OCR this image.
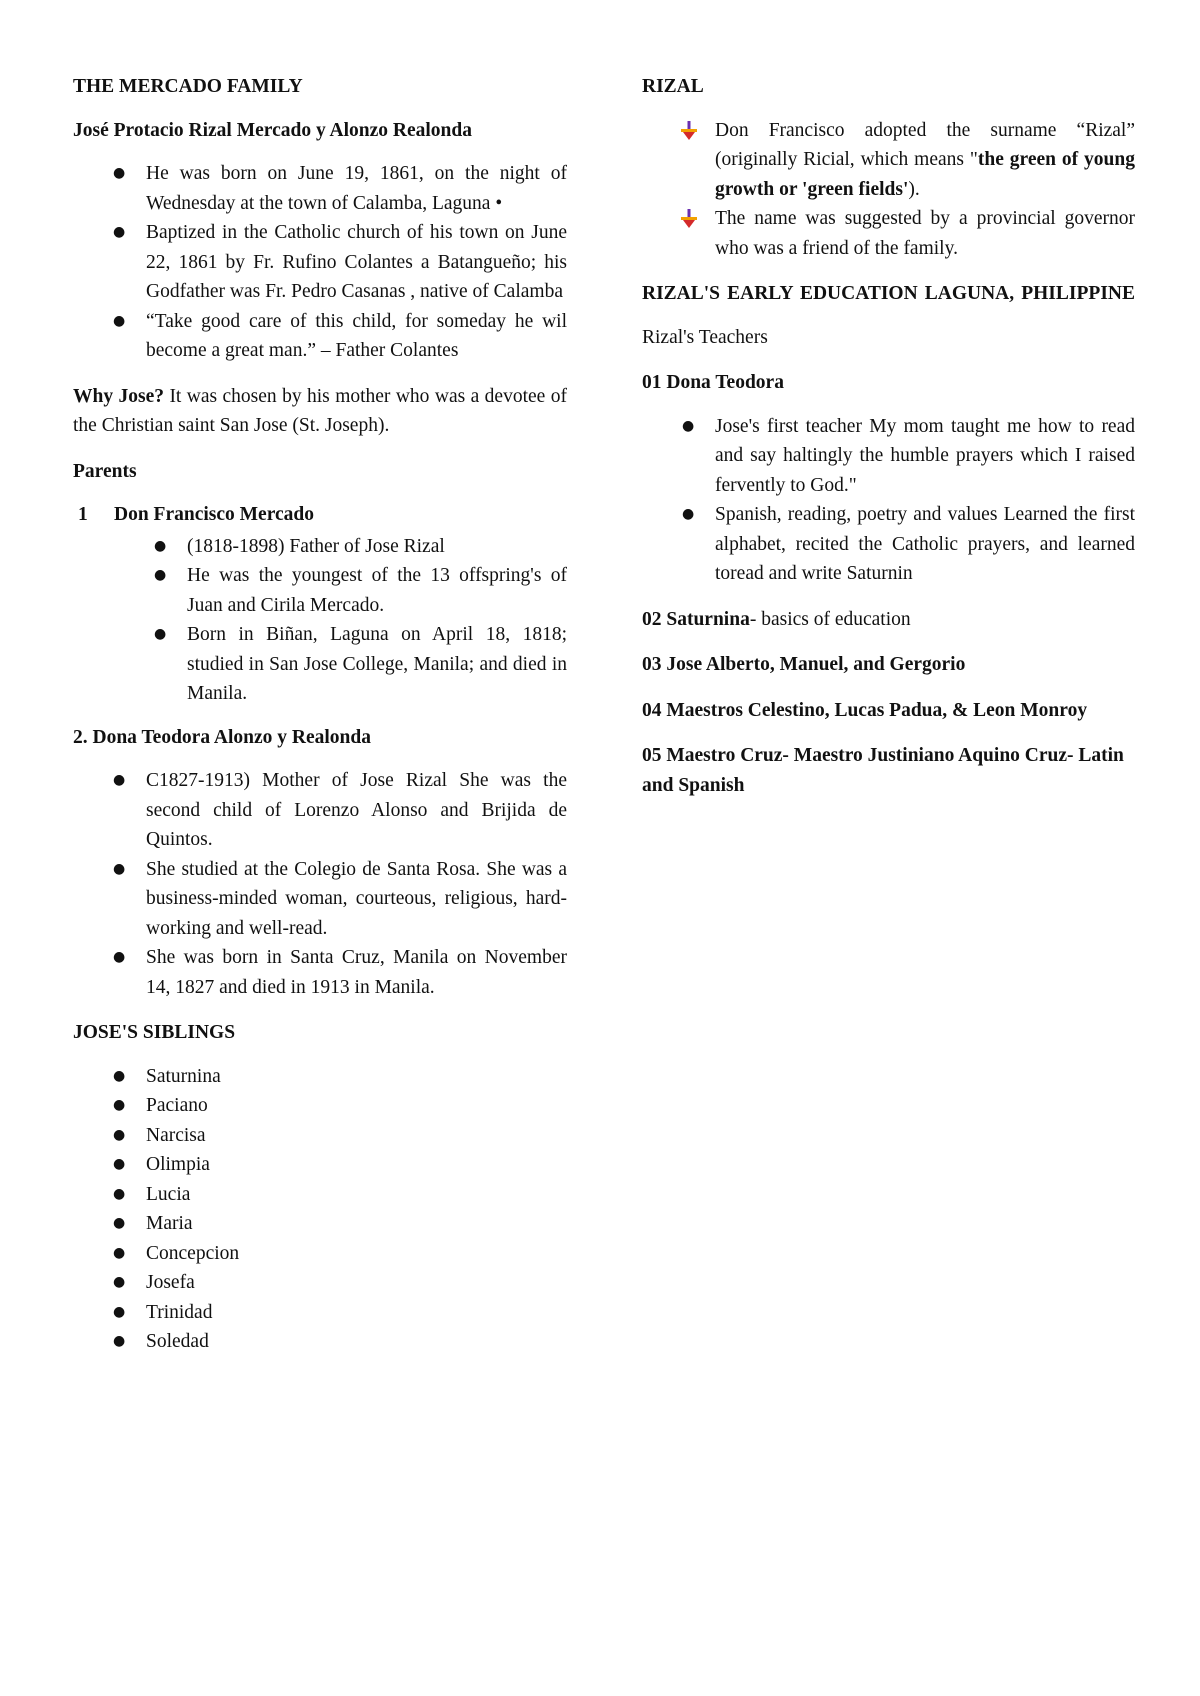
THE MERCADO FAMILY
José Protacio Rizal Mercado y Alonzo Realonda
● He was born on June 19, 1861, on the night of Wednesday at the town of Calamba, Laguna •
● Baptized in the Catholic church of his town on June 22, 1861 by Fr. Rufino Colantes a Batangueño; his Godfather was Fr. Pedro Casanas , native of Calamba
● “Take good care of this child, for someday he wil become a great man.” – Father Colantes

Why Jose? It was chosen by his mother who was a devotee of the Christian saint San Jose (St. Joseph).

Parents
1	Don Francisco Mercado
● (1818-1898) Father of Jose Rizal
● He was the youngest of the 13 offspring's of Juan and Cirila Mercado.
● Born in Biñan, Laguna on April 18, 1818; studied in San Jose College, Manila; and died in Manila.
2. Dona Teodora Alonzo y Realonda
● C1827-1913) Mother of Jose Rizal She was the second child of Lorenzo Alonso and Brijida de Quintos.
● She studied at the Colegio de Santa Rosa. She was a business-minded woman, courteous, religious, hard-working and well-read.
● She was born in Santa Cruz, Manila on November 14, 1827 and died in 1913 in Manila.
JOSE'S SIBLINGS
● Saturnina
● Paciano
● Narcisa
● Olimpia
● Lucia
● Maria
● Concepcion
● Josefa
● Trinidad
● Soledad
RIZAL
Don Francisco adopted the surname “Rizal” (originally Ricial, which means "the green of young growth or 'green fields').
The name was suggested by a provincial governor who was a friend of the family.
RIZAL'S EARLY EDUCATION LAGUNA, PHILIPPINE

Rizal's Teachers

01 Dona Teodora
● Jose's first teacher My mom taught me how to read and say haltingly the humble prayers which I raised fervently to God."
● Spanish, reading, poetry and values Learned the first alphabet, recited the Catholic prayers, and learned toread and write Saturnin

02 Saturnina- basics of education

03 Jose Alberto, Manuel, and Gergorio

04 Maestros Celestino, Lucas Padua, & Leon Monroy

05 Maestro Cruz- Maestro Justiniano Aquino Cruz- Latin and Spanish
